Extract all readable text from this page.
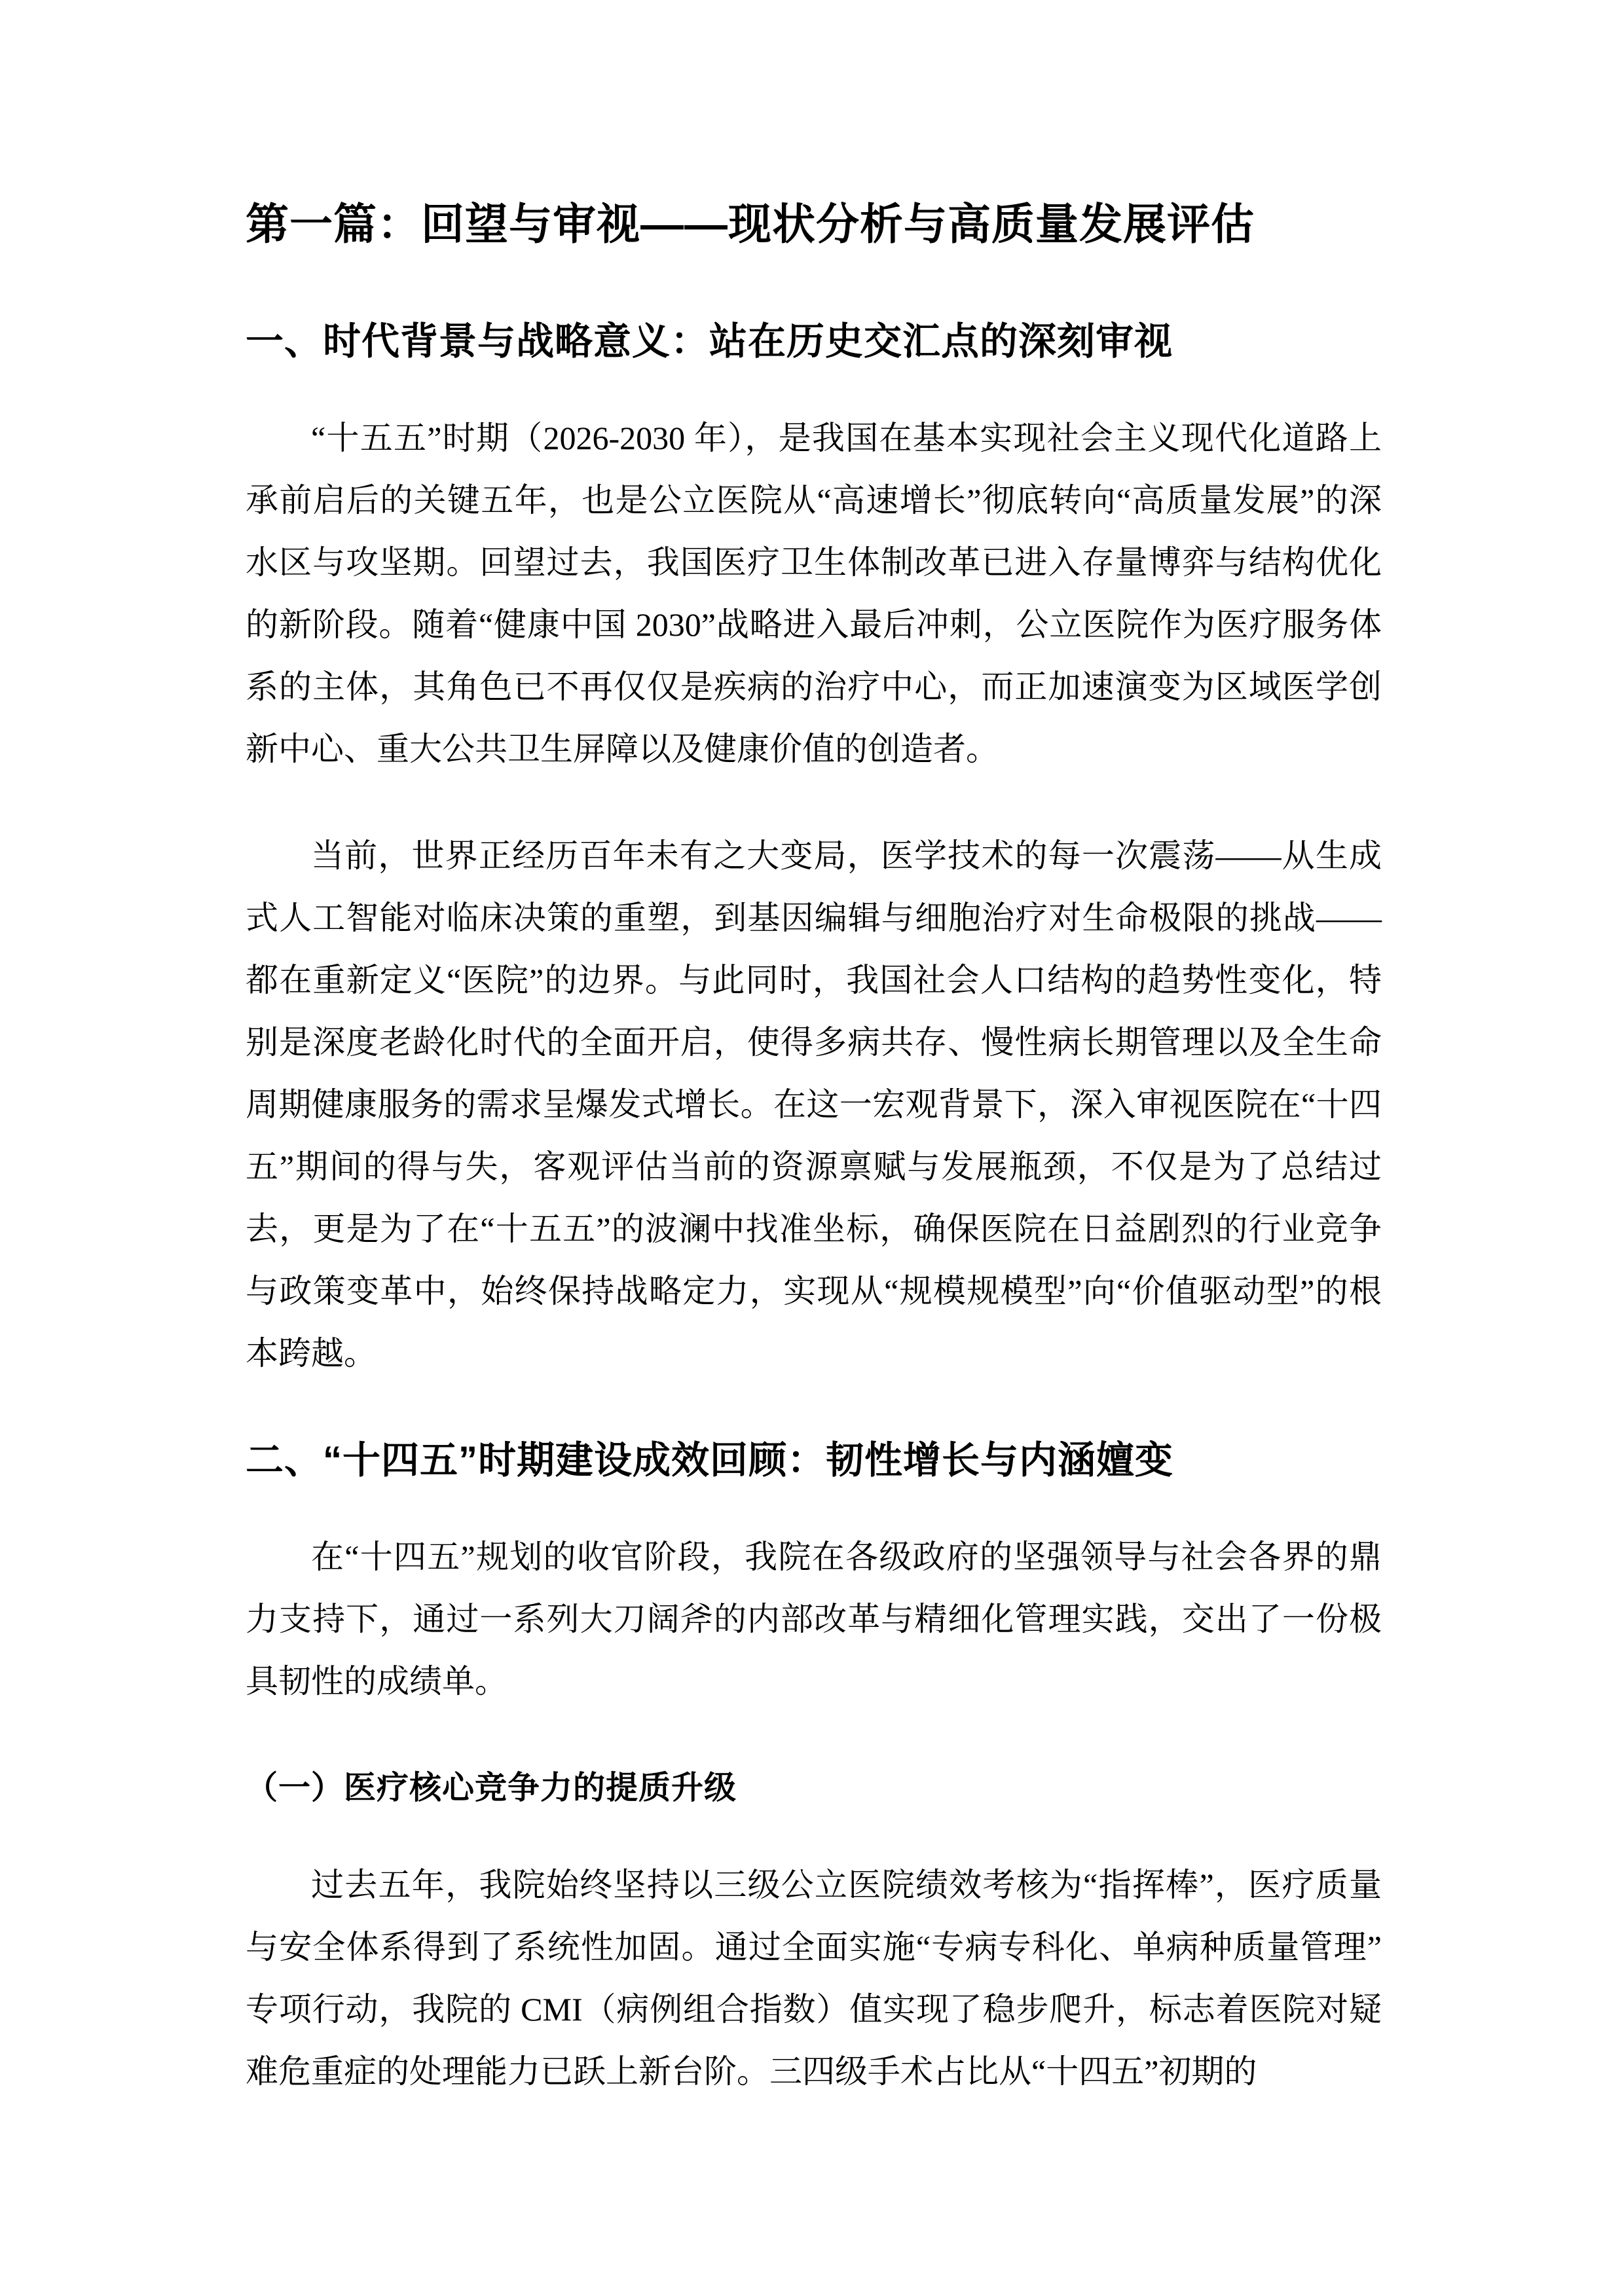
第一篇：回望与审视——现状分析与高质量发展评估
一、时代背景与战略意义：站在历史交汇点的深刻审视

“十五五”时期（2026-2030 年），是我国在基本实现社会主义现代化道路上承前启后的关键五年，也是公立医院从“高速增长”彻底转向“高质量发展”的深水区与攻坚期。回望过去，我国医疗卫生体制改革已进入存量博弈与结构优化的新阶段。随着“健康中国 2030”战略进入最后冲刺，公立医院作为医疗服务体系的主体，其角色已不再仅仅是疾病的治疗中心，而正加速演变为区域医学创新中心、重大公共卫生屏障以及健康价值的创造者。

当前，世界正经历百年未有之大变局，医学技术的每一次震荡——从生成式人工智能对临床决策的重塑，到基因编辑与细胞治疗对生命极限的挑战——都在重新定义“医院”的边界。与此同时，我国社会人口结构的趋势性变化，特别是深度老龄化时代的全面开启，使得多病共存、慢性病长期管理以及全生命周期健康服务的需求呈爆发式增长。在这一宏观背景下，深入审视医院在“十四五”期间的得与失，客观评估当前的资源禀赋与发展瓶颈，不仅是为了总结过去，更是为了在“十五五”的波澜中找准坐标，确保医院在日益剧烈的行业竞争与政策变革中，始终保持战略定力，实现从“规模规模型”向“价值驱动型”的根本跨越。

二、“十四五”时期建设成效回顾：韧性增长与内涵嬗变

在“十四五”规划的收官阶段，我院在各级政府的坚强领导与社会各界的鼎力支持下，通过一系列大刀阔斧的内部改革与精细化管理实践，交出了一份极具韧性的成绩单。

（一）医疗核心竞争力的提质升级

过去五年，我院始终坚持以三级公立医院绩效考核为“指挥棒”，医疗质量与安全体系得到了系统性加固。通过全面实施“专病专科化、单病种质量管理”专项行动，我院的 CMI（病例组合指数）值实现了稳步爬升，标志着医院对疑难危重症的处理能力已跃上新台阶。三四级手术占比从“十四五”初期的
